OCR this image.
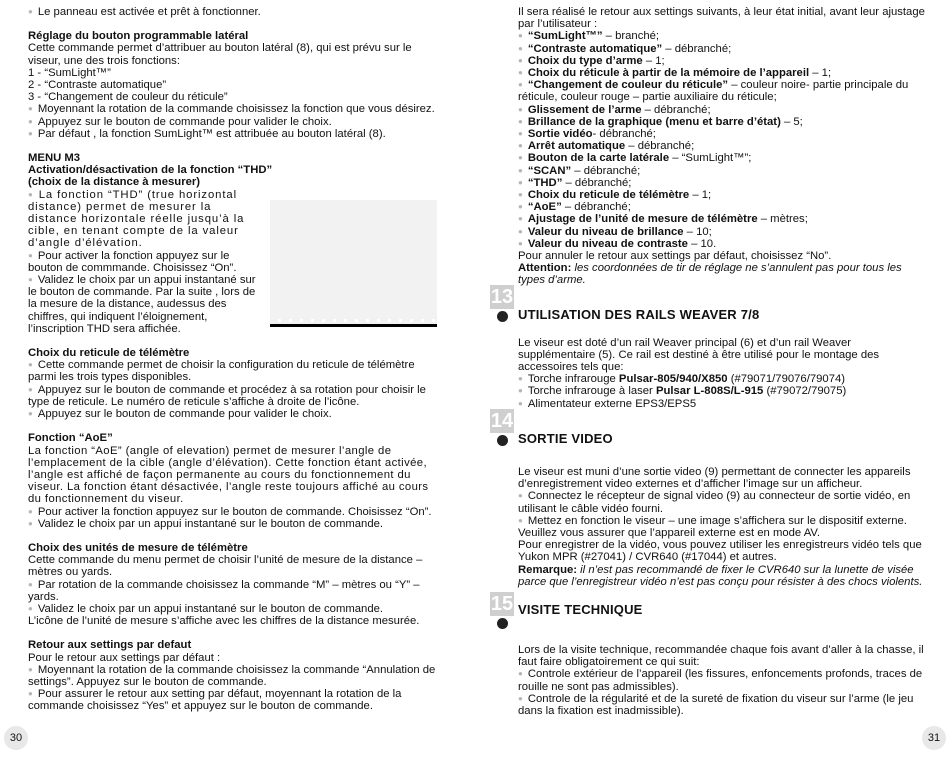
● Le panneau est activée et prêt à fonctionner.

Réglage du bouton programmable latéral

Cette commande permet d’attribuer au bouton latéral (8), qui est prévu sur le viseur, une des trois fonctions:

1 - “SumLight™”

2 - “Contraste automatique”

3 - “Changement de couleur du réticule”

● Moyennant la rotation de la commande choisissez la fonction que vous désirez.

● Appuyez sur le bouton de commande pour valider le choix.

● Par défaut , la fonction SumLight™ est attribuée au bouton latéral (8).

MENU M3

Activation/désactivation de la fonction “THD”

(choix de la distance à mesurer)

● La fonction “THD” (true horizontal distance) permet de mesurer la distance horizontale réelle jusqu’à la cible, en tenant compte de la valeur d’angle d’élévation.

● Pour activer la fonction appuyez sur le bouton de commmande. Choisissez “On”.

● Validez le choix par un appui instantané sur le bouton de commande. Par la suite , lors de la mesure de la distance, audessus des chiffres, qui indiquent l’éloignement, l’inscription THD sera affichée.

Choix du reticule de télémètre

● Cette commande permet de choisir la configuration du reticule de télémètre parmi les trois types disponibles.

● Appuyez sur le bouton de commande et procédez à sa rotation pour choisir le type de reticule. Le numéro de reticule s’affiche à droite de l’icône.

● Appuyez sur le bouton de commande pour valider le choix.

Fonction “AoE”

La fonction “AoE” (angle of elevation) permet de mesurer l’angle de l’emplacement de la cible (angle d’élévation). Cette fonction étant activée, l’angle est affiché de façon permanente au cours du fonctionnement du viseur. La fonction étant désactivée, l’angle reste toujours affiché au cours du fonctionnement du viseur.

● Pour activer la fonction appuyez sur le bouton de commande. Choisissez “On”.

● Validez le choix par un appui instantané sur le bouton de commande.

Choix des unités de mesure de télémètre

Cette commande du menu permet de choisir l’unité de mesure de la distance – mètres ou yards.

● Par rotation de la commande choisissez la commande “M” – mètres ou “Y” – yards.

● Validez le choix par un appui instantané sur le bouton de commande.

L’icône de l’unité de mesure s’affiche avec les chiffres de la distance mesurée.

Retour aux settings par defaut

Pour le retour aux settings par défaut :

● Moyennant la rotation de la commande choisissez la commande “Annulation de settings”. Appuyez sur le bouton de commande.

● Pour assurer le retour aux setting par défaut, moyennant la rotation de la commande choisissez “Yes” et appuyez sur le bouton de commande.

Il sera réalisé le retour aux settings suivants, à leur état initial, avant leur ajustage par l’utilisateur :

● “SumLight™” – branché;

● “Contraste automatique” – débranché;

● Choix du type d’arme – 1;

● Choix du réticule à partir de la mémoire de l’appareil – 1;

● “Changement de couleur du réticule” – couleur noire- partie principale du réticule, couleur rouge – partie auxiliaire du réticule;

● Glissement de l’arme – débranché;

● Brillance de la graphique (menu et barre d’état) – 5;

● Sortie vidéo- débranché;

● Arrêt automatique – débranché;

● Bouton de la carte latérale – “SumLight™”;

● “SCAN” – débranché;

● “THD” – débranché;

● Choix du reticule de télémètre – 1;

● “AoE” – débranché;

● Ajustage de l’unité de mesure de télémètre – mètres;

● Valeur du niveau de brillance – 10;

● Valeur du niveau de contraste – 10.

Pour annuler le retour aux settings par défaut, choisissez “No”.

Attention: les coordonnées de tir de réglage ne s’annulent pas pour tous les types d’arme.

Le viseur est doté d’un rail Weaver principal (6) et d’un rail Weaver supplémentaire (5). Ce rail est destiné à être utilisé pour le montage des accessoires tels que:

● Torche infrarouge Pulsar-805/940/X850 (#79071/79076/79074)

● Torche infrarouge à laser Pulsar L-808S/L-915 (#79072/79075)

● Alimentateur externe EPS3/EPS5

Le viseur est muni d’une sortie video (9) permettant de connecter les appareils d’enregistrement video externes et d’afficher l’image sur un afficheur.

● Connectez le récepteur de signal video (9) au connecteur de sortie vidéo, en utilisant le câble vidéo fourni.

● Mettez en fonction le viseur – une image s’affichera sur le dispositif externe. Veuillez vous assurer que l’appareil externe est en mode AV.

Pour enregistrer de la vidéo, vous pouvez utiliser les enregistreurs vidéo tels que Yukon MPR (#27041) / CVR640 (#17044) et autres.

Remarque: il n’est pas recommandé de fixer le CVR640 sur la lunette de visée parce que l’enregistreur vidéo n’est pas conçu pour résister à des chocs violents.

Lors de la visite technique, recommandée chaque fois avant d’aller à la chasse, il faut faire obligatoirement ce qui suit:

● Controle extérieur de l’appareil (les fissures, enfoncements profonds, traces de rouille ne sont pas admissibles).

● Controle de la régularité et de la sureté de fixation du viseur sur l’arme (le jeu dans la fixation est inadmissible).

13
UTILISATION DES RAILS WEAVER 7/8
14
SORTIE VIDEO
15 VISITE TECHNIQUE
30	31
